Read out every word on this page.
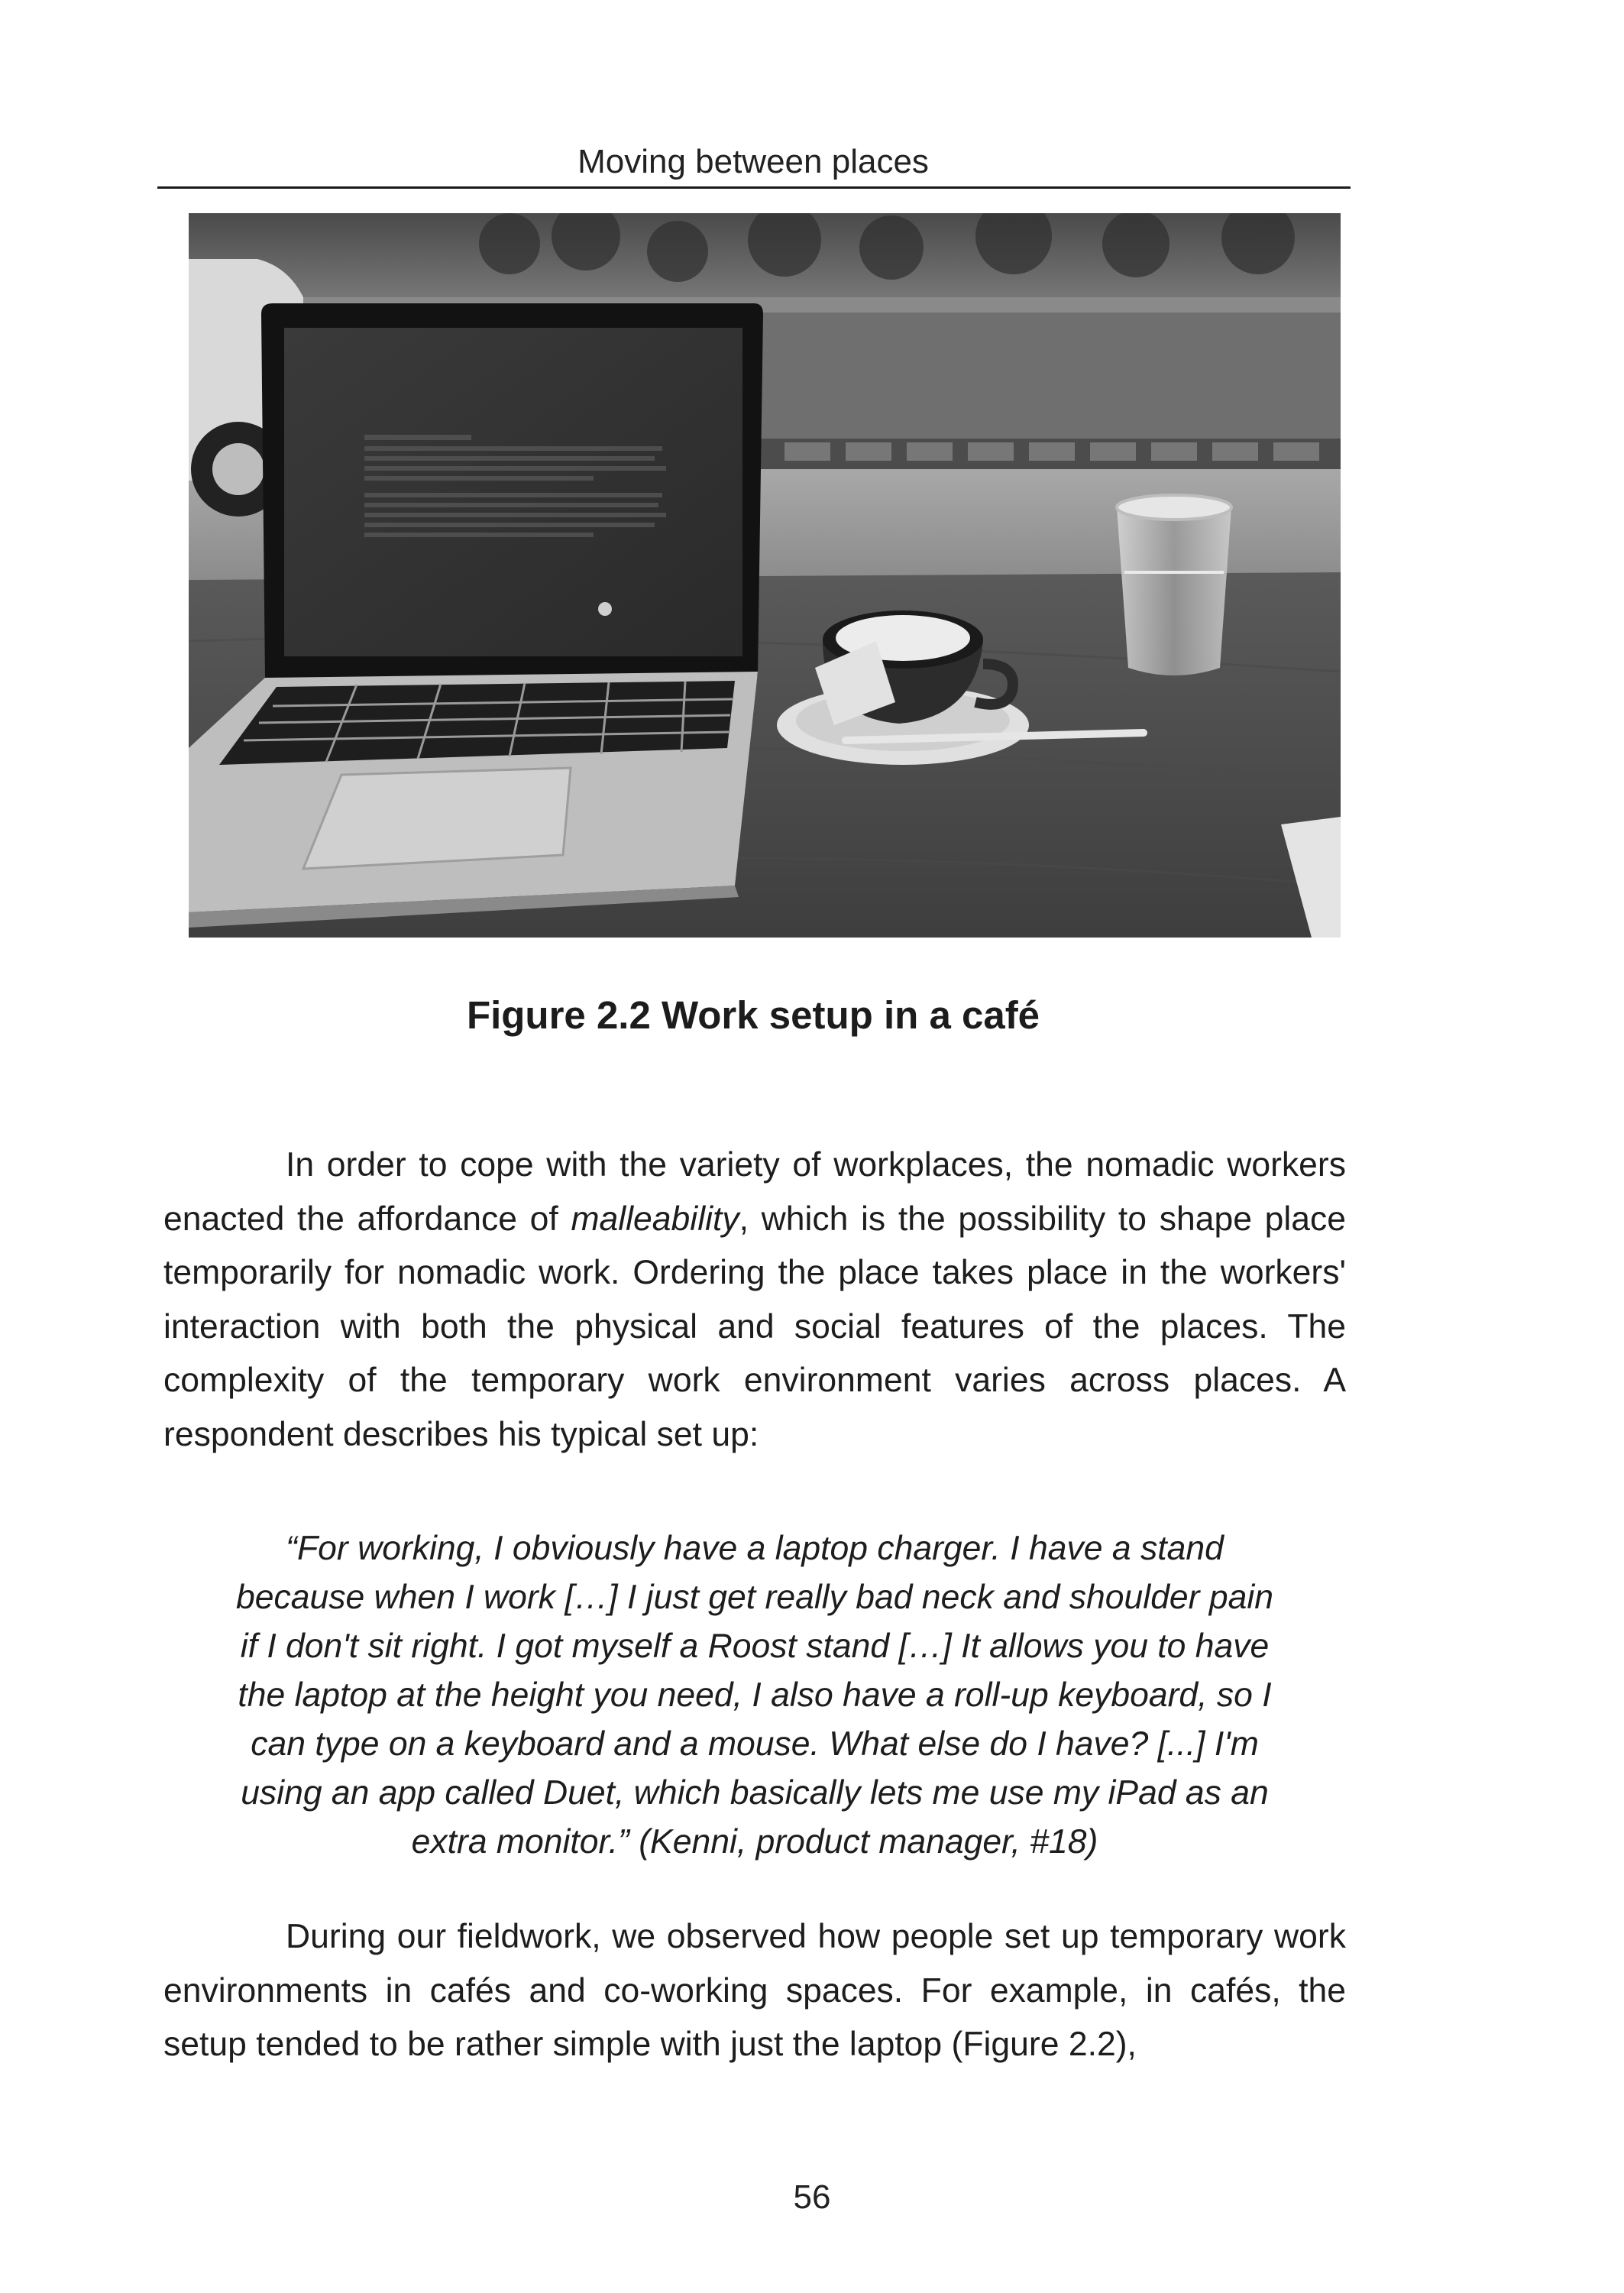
Moving between places
Figure 2.2 Work setup in a café

In order to cope with the variety of workplaces, the nomadic workers enacted the affordance of malleability, which is the possibility to shape place temporarily for nomadic work. Ordering the place takes place in the workers' interaction with both the physical and social features of the places. The complexity of the temporary work environment varies across places. A respondent describes his typical set up:

“For working, I obviously have a laptop charger. I have a stand
because when I work […] I just get really bad neck and shoulder pain
if I don't sit right. I got myself a Roost stand […] It allows you to have
the laptop at the height you need, I also have a roll-up keyboard, so I
can type on a keyboard and a mouse. What else do I have? [...] I'm
using an app called Duet, which basically lets me use my iPad as an
extra monitor.” (Kenni, product manager, #18)

During our fieldwork, we observed how people set up temporary work environments in cafés and co-working spaces. For example, in cafés, the setup tended to be rather simple with just the laptop (Figure 2.2),

56
